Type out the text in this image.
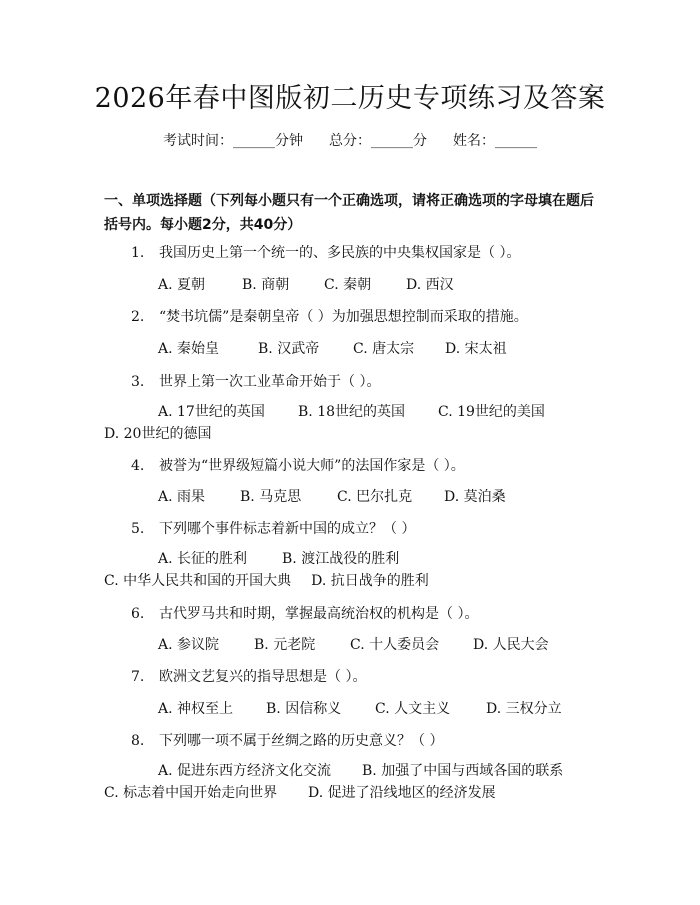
2026年春中图版初二历史专项练习及答案
考试时间：______分钟 总分：______分 姓名：______
一、单项选择题（下列每小题只有一个正确选项，请将正确选项的字母填在题后括号内。每小题2分，共40分）
1. 我国历史上第一个统一的、多民族的中央集权国家是（ ）。
A. 夏朝	B. 商朝 C. 秦朝 D. 西汉
2. “焚书坑儒”是秦朝皇帝（ ）为加强思想控制而采取的措施。
A. 秦始皇	B. 汉武帝 C. 唐太宗 D. 宋太祖
3. 世界上第一次工业革命开始于（ ）。
A. 17世纪的英国 B. 18世纪的英国 C. 19世纪的美国D. 20世纪的德国
4. 被誉为“世界级短篇小说大师”的法国作家是（ ）。
A. 雨果 B. 马克思	C. 巴尔扎克 D. 莫泊桑
5. 下列哪个事件标志着新中国的成立？（ ）
A. 长征的胜利 B. 渡江战役的胜利C. 中华人民共和国的开国大典 D. 抗日战争的胜利
6. 古代罗马共和时期，掌握最高统治权的机构是（ ）。
A. 参议院 B. 元老院 C. 十人委员会 D. 人民大会
7. 欧洲文艺复兴的指导思想是（ ）。
A. 神权至上 B. 因信称义 C. 人文主义	D. 三权分立
8. 下列哪一项不属于丝绸之路的历史意义？（ ）
A. 促进东西方经济文化交流 B. 加强了中国与西域各国的联系
C. 标志着中国开始走向世界 D. 促进了沿线地区的经济发展
